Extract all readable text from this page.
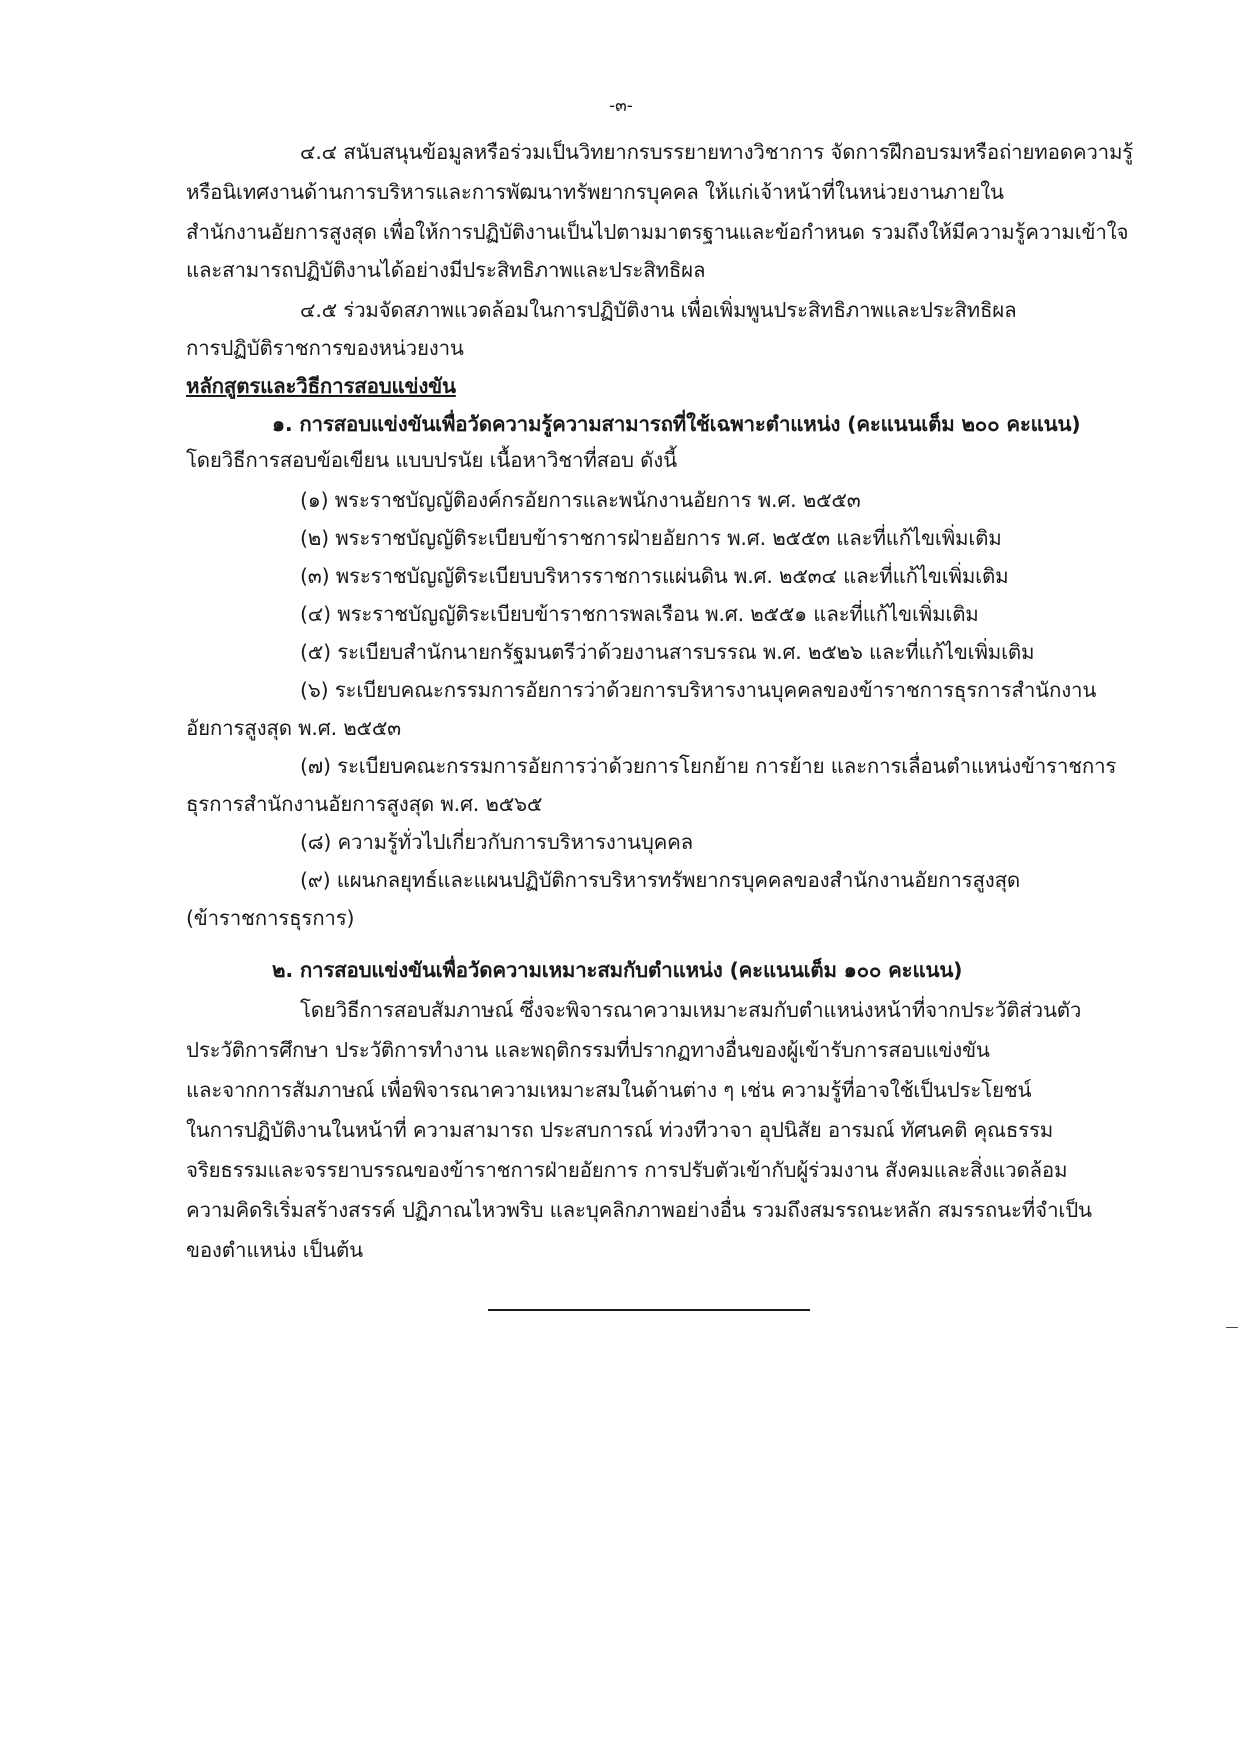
-๓-
๔.๔ สนับสนุนข้อมูลหรือร่วมเป็นวิทยากรบรรยายทางวิชาการ จัดการฝึกอบรมหรือถ่ายทอดความรู้
หรือนิเทศงานด้านการบริหารและการพัฒนาทรัพยากรบุคคล ให้แก่เจ้าหน้าที่ในหน่วยงานภายใน
สำนักงานอัยการสูงสุด เพื่อให้การปฏิบัติงานเป็นไปตามมาตรฐานและข้อกำหนด รวมถึงให้มีความรู้ความเข้าใจ
และสามารถปฏิบัติงานได้อย่างมีประสิทธิภาพและประสิทธิผล
๔.๕ ร่วมจัดสภาพแวดล้อมในการปฏิบัติงาน เพื่อเพิ่มพูนประสิทธิภาพและประสิทธิผล
การปฏิบัติราชการของหน่วยงาน
หลักสูตรและวิธีการสอบแข่งขัน
๑. การสอบแข่งขันเพื่อวัดความรู้ความสามารถที่ใช้เฉพาะตำแหน่ง (คะแนนเต็ม ๒๐๐ คะแนน)
โดยวิธีการสอบข้อเขียน แบบปรนัย เนื้อหาวิชาที่สอบ ดังนี้
(๑) พระราชบัญญัติองค์กรอัยการและพนักงานอัยการ พ.ศ. ๒๕๕๓
(๒) พระราชบัญญัติระเบียบข้าราชการฝ่ายอัยการ พ.ศ. ๒๕๕๓ และที่แก้ไขเพิ่มเติม
(๓) พระราชบัญญัติระเบียบบริหารราชการแผ่นดิน พ.ศ. ๒๕๓๔ และที่แก้ไขเพิ่มเติม
(๔) พระราชบัญญัติระเบียบข้าราชการพลเรือน พ.ศ. ๒๕๕๑ และที่แก้ไขเพิ่มเติม
(๕) ระเบียบสำนักนายกรัฐมนตรีว่าด้วยงานสารบรรณ พ.ศ. ๒๕๒๖ และที่แก้ไขเพิ่มเติม
(๖) ระเบียบคณะกรรมการอัยการว่าด้วยการบริหารงานบุคคลของข้าราชการธุรการสำนักงาน
อัยการสูงสุด พ.ศ. ๒๕๕๓
(๗) ระเบียบคณะกรรมการอัยการว่าด้วยการโยกย้าย การย้าย และการเลื่อนตำแหน่งข้าราชการ
ธุรการสำนักงานอัยการสูงสุด พ.ศ. ๒๕๖๕
(๘) ความรู้ทั่วไปเกี่ยวกับการบริหารงานบุคคล
(๙) แผนกลยุทธ์และแผนปฏิบัติการบริหารทรัพยากรบุคคลของสำนักงานอัยการสูงสุด
(ข้าราชการธุรการ)
๒. การสอบแข่งขันเพื่อวัดความเหมาะสมกับตำแหน่ง (คะแนนเต็ม ๑๐๐ คะแนน)
โดยวิธีการสอบสัมภาษณ์ ซึ่งจะพิจารณาความเหมาะสมกับตำแหน่งหน้าที่จากประวัติส่วนตัว
ประวัติการศึกษา ประวัติการทำงาน และพฤติกรรมที่ปรากฏทางอื่นของผู้เข้ารับการสอบแข่งขัน
และจากการสัมภาษณ์ เพื่อพิจารณาความเหมาะสมในด้านต่าง ๆ เช่น ความรู้ที่อาจใช้เป็นประโยชน์
ในการปฏิบัติงานในหน้าที่ ความสามารถ ประสบการณ์ ท่วงทีวาจา อุปนิสัย อารมณ์ ทัศนคติ คุณธรรม
จริยธรรมและจรรยาบรรณของข้าราชการฝ่ายอัยการ การปรับตัวเข้ากับผู้ร่วมงาน สังคมและสิ่งแวดล้อม
ความคิดริเริ่มสร้างสรรค์ ปฏิภาณไหวพริบ และบุคลิกภาพอย่างอื่น รวมถึงสมรรถนะหลัก สมรรถนะที่จำเป็น
ของตำแหน่ง เป็นต้น
